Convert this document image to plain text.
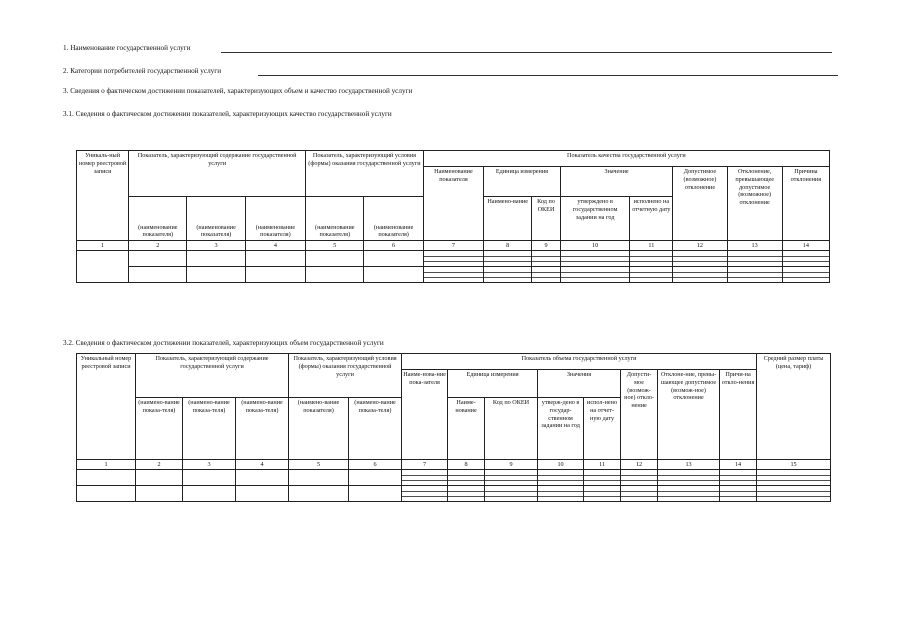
1. Наименование государственной услуги
2. Категории потребителей государственной услуги
3. Сведения о фактическом достижении показателей, характеризующих объем и качество государственной услуги
3.1. Сведения о фактическом достижении показателей, характеризующих качество государственной услуги
Уникаль-ный номер реестровой записи	Показатель, характеризующий содержание государственной услуги			Показатель, характеризующий условия (формы) оказания государственной услуги		Показатель качества государственной услуги							
						Наименование показателя	Единица измерения		Значение		Допустимое (возможное) отклонение	Отклонение, превышающее допустимое (возможное) отклонение	Причина отклонения
	(наименование показателя)	(наименование показателя)	(наименование показателя)	(наименование показателя)	(наименование показателя)		Наимено-вание	Код по ОКЕИ	утверждено в государственном задании на год	исполнено на отчетную дату			
1	2	3	4	5	6	7	8	9	10	11	12	13	14

3.2. Сведения о фактическом достижении показателей, характеризующих объем государственной услуги
Уникальный номер реестровой записи	Показатель, характеризующий содержание государственной услуги			Показатель, характеризующий условия (формы) оказания государственной услуги		Показатель объема государственной услуги								Средний размер платы (цена, тариф)
						Наиме-нова-ние пока-зателя	Единица измерения		Значения		Допусти-мое (возмож-ное) откло-нение	Отклоне-ние, превы-шающее допустимое (возмож-ное) отклонение	Причи-на откло-нения	
	(наимено-вание показа-теля)	(наимено-вание показа-теля)	(наимено-вание показа-теля)	(наимено-вание показателя)	(наимено-вание показа-теля)		Наиме-нование	Код по ОКЕИ	утверж-дено в государ-ственном задании на год	испол-нено на отчет-ную дату				
1	2	3	4	5	6	7	8	9	10	11	12	13	14	15
